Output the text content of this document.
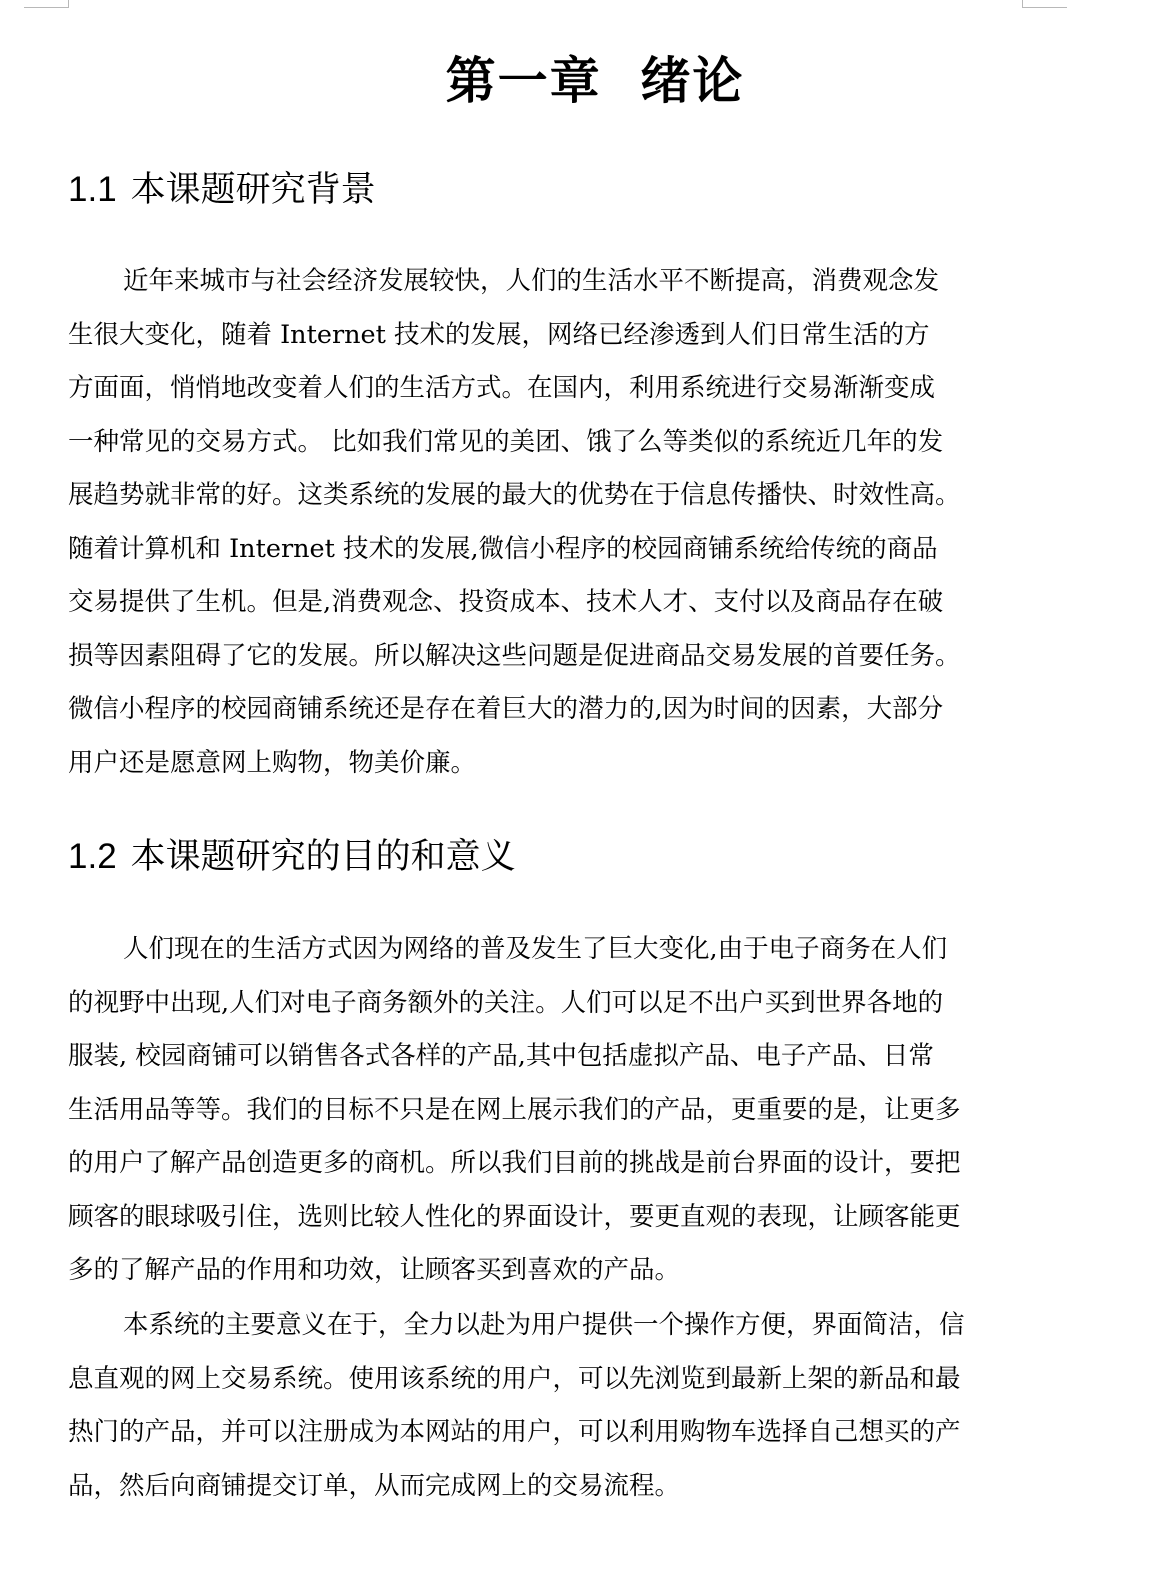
第一章  绪论
1.1 本课题研究背景
近年来城市与社会经济发展较快，人们的生活水平不断提高，消费观念发
生很大变化，随着 Internet 技术的发展，网络已经渗透到人们日常生活的方
方面面，悄悄地改变着人们的生活方式。在国内，利用系统进行交易渐渐变成
一种常见的交易方式。 比如我们常见的美团、饿了么等类似的系统近几年的发
展趋势就非常的好。这类系统的发展的最大的优势在于信息传播快、时效性高。
随着计算机和 Internet 技术的发展,微信小程序的校园商铺系统给传统的商品
交易提供了生机。但是,消费观念、投资成本、技术人才、支付以及商品存在破
损等因素阻碍了它的发展。所以解决这些问题是促进商品交易发展的首要任务。
微信小程序的校园商铺系统还是存在着巨大的潜力的,因为时间的因素，大部分
用户还是愿意网上购物，物美价廉。
1.2 本课题研究的目的和意义
人们现在的生活方式因为网络的普及发生了巨大变化,由于电子商务在人们
的视野中出现,人们对电子商务额外的关注。人们可以足不出户买到世界各地的
服装, 校园商铺可以销售各式各样的产品,其中包括虚拟产品、电子产品、日常
生活用品等等。我们的目标不只是在网上展示我们的产品，更重要的是，让更多
的用户了解产品创造更多的商机。所以我们目前的挑战是前台界面的设计，要把
顾客的眼球吸引住，选则比较人性化的界面设计，要更直观的表现，让顾客能更
多的了解产品的作用和功效，让顾客买到喜欢的产品。
本系统的主要意义在于，全力以赴为用户提供一个操作方便，界面简洁，信
息直观的网上交易系统。使用该系统的用户，可以先浏览到最新上架的新品和最
热门的产品，并可以注册成为本网站的用户，可以利用购物车选择自己想买的产
品，然后向商铺提交订单，从而完成网上的交易流程。
